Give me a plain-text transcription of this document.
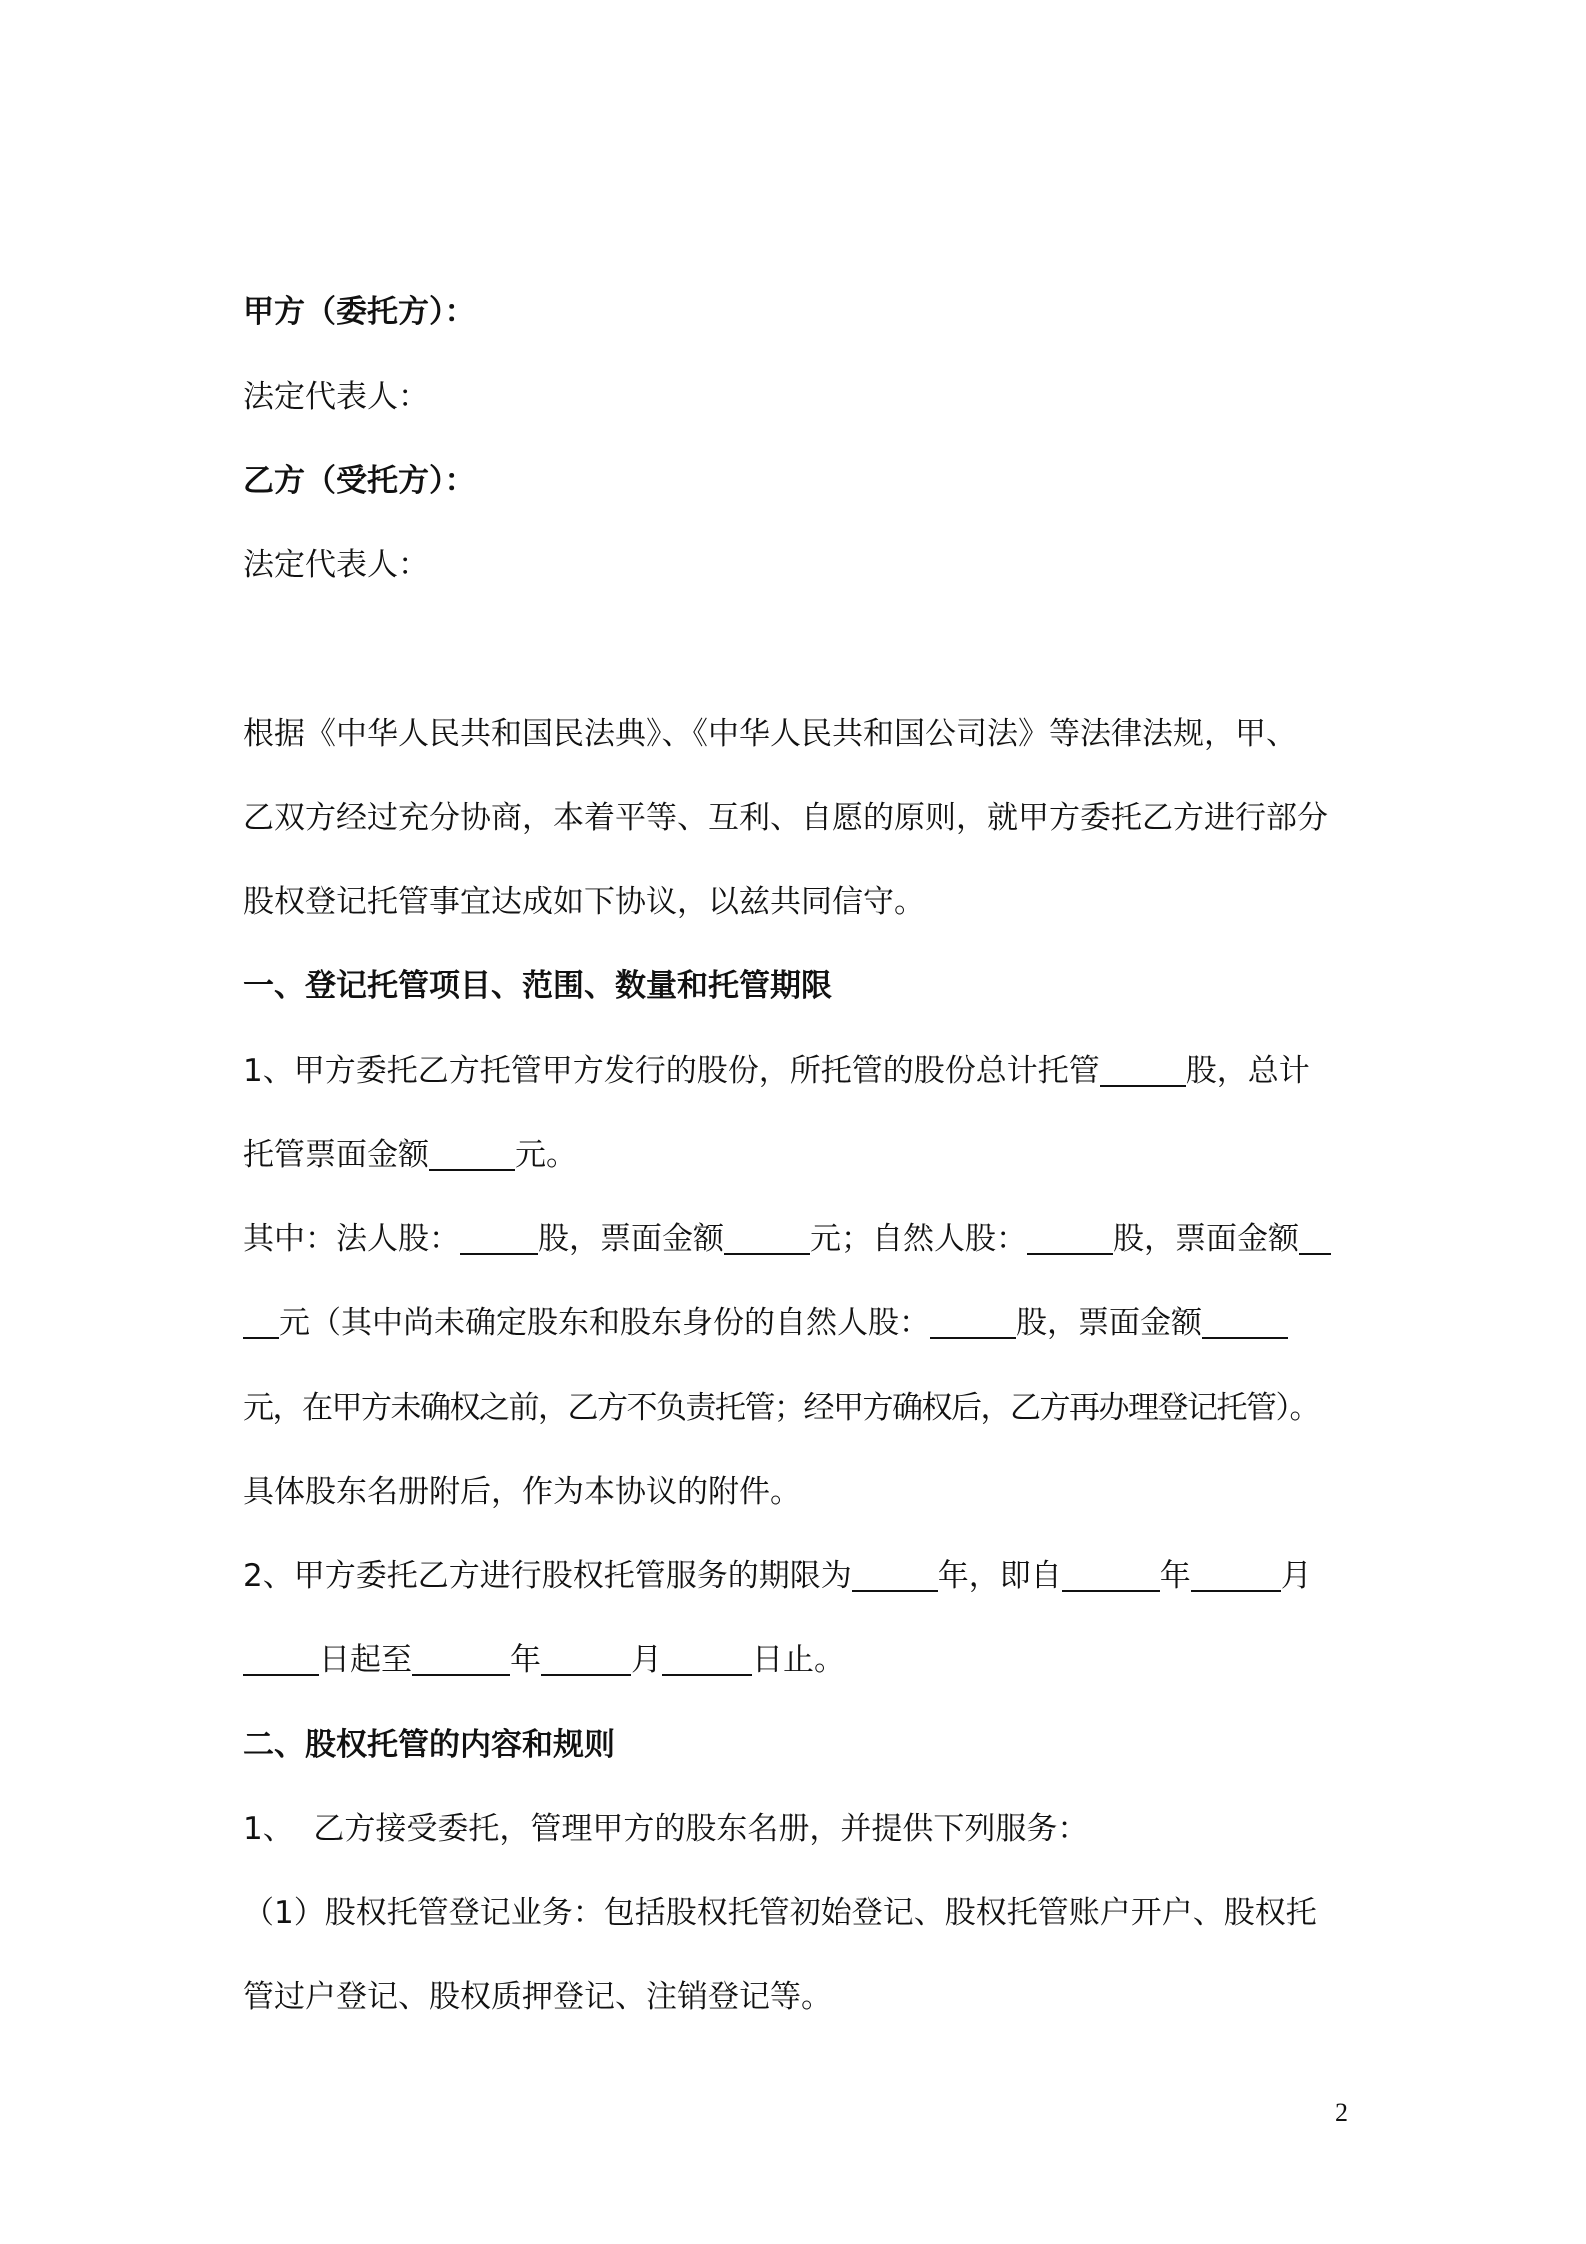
甲方（委托方）：
法定代表人：
乙方（受托方）：
法定代表人：
根据《中华人民共和国民法典》、《中华人民共和国公司法》等法律法规，甲、
乙双方经过充分协商，本着平等、互利、自愿的原则，就甲方委托乙方进行部分
股权登记托管事宜达成如下协议，以兹共同信守。
一、登记托管项目、范围、数量和托管期限
1、甲方委托乙方托管甲方发行的股份，所托管的股份总计托管	股，总计
托管票面金额	元。
其中：法人股：	股，票面金额	元；自然人股：	股，票面金额
元（其中尚未确定股东和股东身份的自然人股：	股，票面金额
元，在甲方未确权之前，乙方不负责托管；经甲方确权后，乙方再办理登记托管）。
具体股东名册附后，作为本协议的附件。
2、甲方委托乙方进行股权托管服务的期限为	年，即自	年	月
日起至	年	月	日止。
二、股权托管的内容和规则
1、  乙方接受委托，管理甲方的股东名册，并提供下列服务：
（1）股权托管登记业务：包括股权托管初始登记、股权托管账户开户、股权托
管过户登记、股权质押登记、注销登记等。
2
